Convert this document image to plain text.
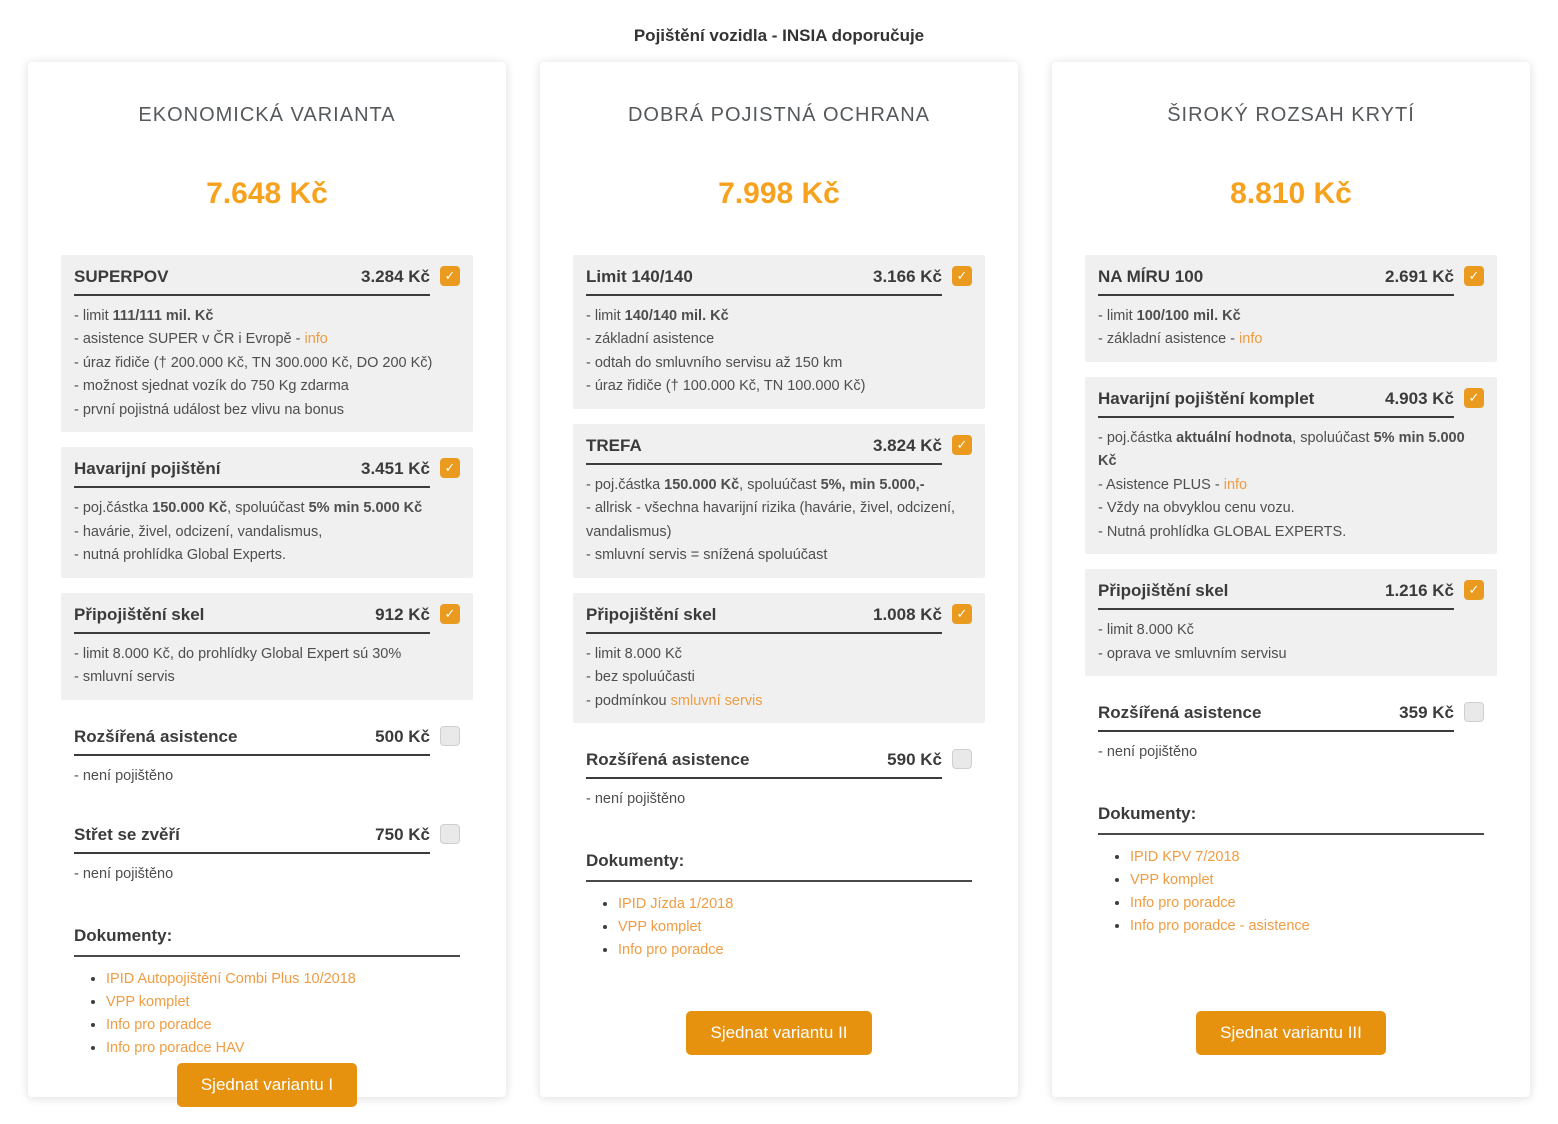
Pojištění vozidla - INSIA doporučuje
EKONOMICKÁ VARIANTA
7.648 Kč
SUPERPOV	3.284 Kč ✓
- limit 111/111 mil. Kč
- asistence SUPER v ČR i Evropě - info
- úraz řidiče († 200.000 Kč, TN 300.000 Kč, DO 200 Kč)
- možnost sjednat vozík do 750 Kg zdarma
- první pojistná událost bez vlivu na bonus
Havarijní pojištění	3.451 Kč ✓
- poj.částka 150.000 Kč, spoluúčast 5% min 5.000 Kč
- havárie, živel, odcizení, vandalismus,
- nutná prohlídka Global Experts.
Připojištění skel	912 Kč ✓
- limit 8.000 Kč, do prohlídky Global Expert sú 30%
- smluvní servis
Rozšířená asistence	500 Kč
- není pojištěno
Střet se zvěří	750 Kč
- není pojištěno
Dokumenty:
• IPID Autopojištění Combi Plus 10/2018
• VPP komplet
• Info pro poradce
• Info pro poradce HAV
Sjednat variantu I
DOBRÁ POJISTNÁ OCHRANA
7.998 Kč
Limit 140/140	3.166 Kč ✓
- limit 140/140 mil. Kč
- základní asistence
- odtah do smluvního servisu až 150 km
- úraz řidiče († 100.000 Kč, TN 100.000 Kč)
TREFA	3.824 Kč ✓
- poj.částka 150.000 Kč, spoluúčast 5%, min 5.000,-
- allrisk - všechna havarijní rizika (havárie, živel, odcizení, vandalismus)
- smluvní servis = snížená spoluúčast
Připojištění skel	1.008 Kč ✓
- limit 8.000 Kč
- bez spoluúčasti
- podmínkou smluvní servis
Rozšířená asistence	590 Kč
- není pojištěno
Dokumenty:
• IPID Jízda 1/2018
• VPP komplet
• Info pro poradce
Sjednat variantu II
ŠIROKÝ ROZSAH KRYTÍ
8.810 Kč
NA MÍRU 100	2.691 Kč ✓
- limit 100/100 mil. Kč
- základní asistence - info
Havarijní pojištění komplet	4.903 Kč ✓
- poj.částka aktuální hodnota, spoluúčast 5% min 5.000 Kč
- Asistence PLUS - info
- Vždy na obvyklou cenu vozu.
- Nutná prohlídka GLOBAL EXPERTS.
Připojištění skel	1.216 Kč ✓
- limit 8.000 Kč
- oprava ve smluvním servisu
Rozšířená asistence	359 Kč
- není pojištěno
Dokumenty:
• IPID KPV 7/2018
• VPP komplet
• Info pro poradce
• Info pro poradce - asistence
Sjednat variantu III
